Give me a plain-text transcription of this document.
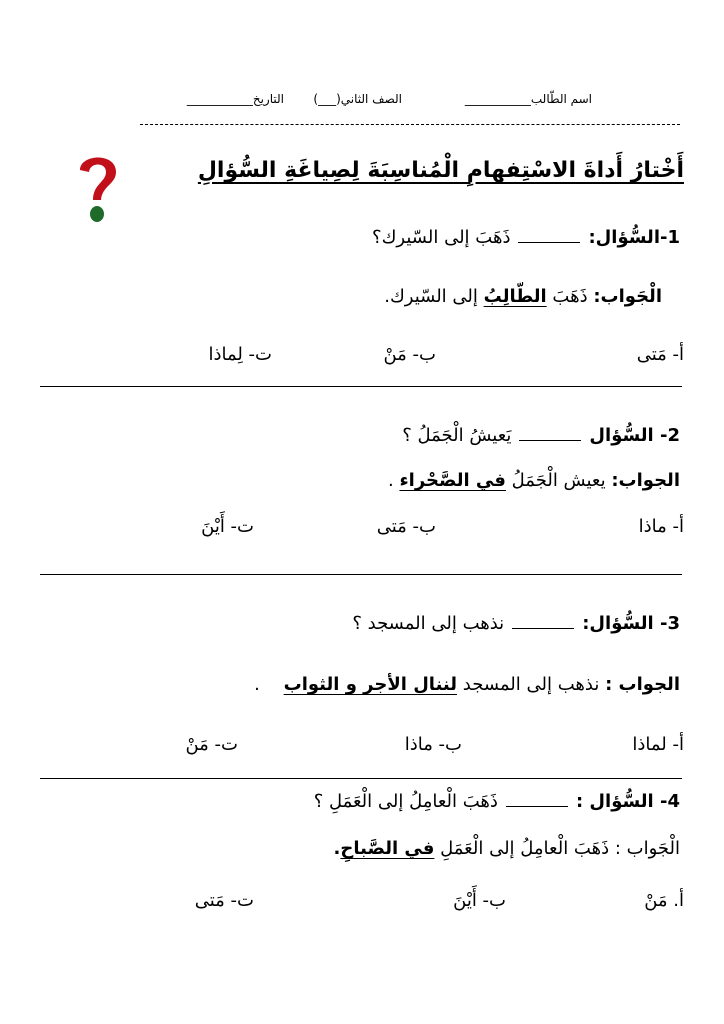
اسم الطّالب___________
الصف الثاني(___)
التاريخ___________
أَخْتارُ أَداةَ الاسْتِفهامِ الْمُناسِبَةَ لِصِياغَةِ السُّؤالِ
1-السُّؤال:ذَهَبَ إلى السّيرك؟
الْجَواب: ذَهَبَ الطّالِبُ إلى السّيرك.
أ- مَتى
ب- مَنْ
ت- لِماذا
2- السُّؤاليَعيشُ الْجَمَلُ ؟
الجواب: يعيش الْجَمَلُ في الصَّحْراء .
أ- ماذا
ب- مَتى
ت- أَيْنَ
3- السُّؤال:نذهب إلى المسجد ؟
الجواب : نذهب إلى المسجد لننال الأجر و الثواب .
أ- لماذا
ب- ماذا
ت- مَنْ
4- السُّؤال :ذَهَبَ الْعامِلُ إلى الْعَمَلِ ؟
الْجَواب : ذَهَبَ الْعامِلُ إلى الْعَمَلِ في الصَّباحِ.
أ. مَنْ
ب- أَيْنَ
ت- مَتى
